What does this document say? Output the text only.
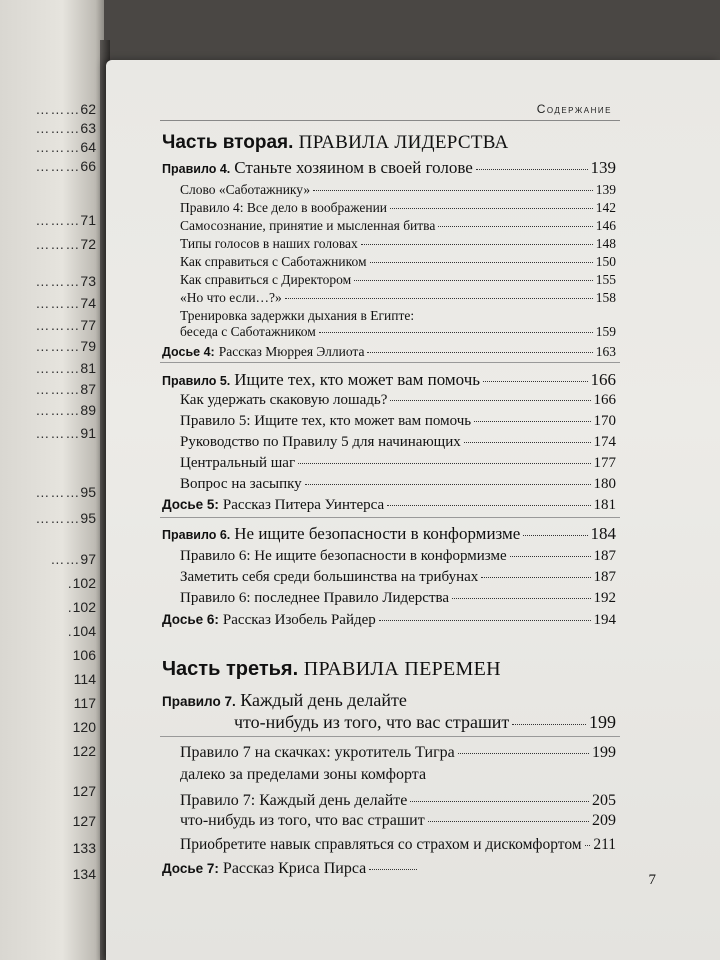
……… 62
……… 63
……… 64
……… 66
……… 71
……… 72
……… 73
……… 74
……… 77
……… 79
……… 81
……… 87
……… 89
……… 91
……… 95
……… 95
…… 97
. 102
. 102
. 104
106
114
117
120
122
127
127
133
134
Содержание
Часть вторая. ПРАВИЛА ЛИДЕРСТВА
Правило 4. Станьте хозяином в своей голове	139
Слово «Саботажнику»	139
Правило 4: Все дело в воображении	142
Самосознание, принятие и мысленная битва	146
Типы голосов в наших головах	148
Как справиться с Саботажником	150
Как справиться с Директором	155
«Но что если…?»	158
Тренировка задержки дыхания в Египте:
беседа с Саботажником	159
Досье 4: Рассказ Мюррея Эллиота	163
Правило 5. Ищите тех, кто может вам помочь	166
Как удержать скаковую лошадь?	166
Правило 5: Ищите тех, кто может вам помочь	170
Руководство по Правилу 5 для начинающих	174
Центральный шаг	177
Вопрос на засыпку	180
Досье 5: Рассказ Питера Уинтерса	181
Правило 6. Не ищите безопасности в конформизме	184
Правило 6: Не ищите безопасности в конформизме	187
Заметить себя среди большинства на трибунах	187
Правило 6: последнее Правило Лидерства	192
Досье 6: Рассказ Изобель Райдер	194
Часть третья. ПРАВИЛА ПЕРЕМЕН
Правило 7. Каждый день делайте
что-нибудь из того, что вас страшит	199
Правило 7 на скачках: укротитель Тигра	199
далеко за пределами зоны комфорта
Правило 7: Каждый день делайте	205
что-нибудь из того, что вас страшит	209
Приобретите навык справляться со страхом и дискомфортом 211
Досье 7: Рассказ Криса Пирса
7
